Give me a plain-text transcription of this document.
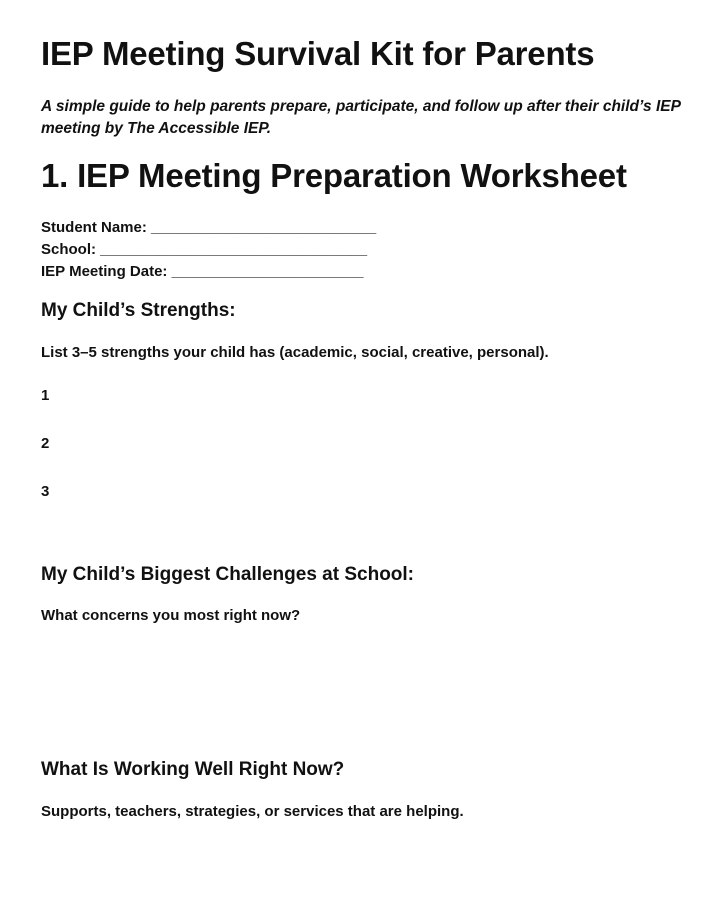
IEP Meeting Survival Kit for Parents

A simple guide to help parents prepare, participate, and follow up after their child’s IEP meeting by The Accessible IEP.

1. IEP Meeting Preparation Worksheet
Student Name: ___________________________
School: ________________________________
IEP Meeting Date: _______________________
My Child’s Strengths:

List 3–5 strengths your child has (academic, social, creative, personal).

1
2
3
My Child’s Biggest Challenges at School:

What concerns you most right now?

What Is Working Well Right Now?

Supports, teachers, strategies, or services that are helping.
